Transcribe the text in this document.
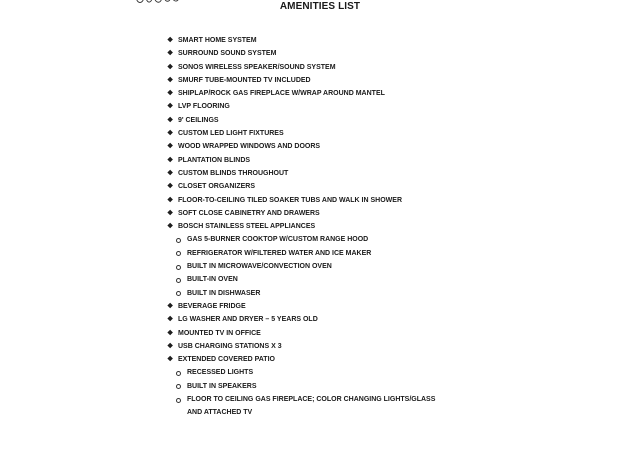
AMENITIES LIST
❖ SMART HOME SYSTEM
❖ SURROUND SOUND SYSTEM
❖ SONOS WIRELESS SPEAKER/SOUND SYSTEM
❖ SMURF TUBE-MOUNTED TV INCLUDED
❖ SHIPLAP/ROCK GAS FIREPLACE W/WRAP AROUND MANTEL
❖ LVP FLOORING
❖ 9' CEILINGS
❖ CUSTOM LED LIGHT FIXTURES
❖ WOOD WRAPPED WINDOWS AND DOORS
❖ PLANTATION BLINDS
❖ CUSTOM BLINDS THROUGHOUT
❖ CLOSET ORGANIZERS
❖ FLOOR-TO-CEILING TILED SOAKER TUBS AND WALK IN SHOWER
❖ SOFT CLOSE CABINETRY AND DRAWERS
❖ BOSCH STAINLESS STEEL APPLIANCES
GAS 5-BURNER COOKTOP W/CUSTOM RANGE HOOD
REFRIGERATOR W/FILTERED WATER AND ICE MAKER
BUILT IN MICROWAVE/CONVECTION OVEN
BUILT-IN OVEN
BUILT IN DISHWASER
❖ BEVERAGE FRIDGE
❖ LG WASHER AND DRYER – 5 YEARS OLD
❖ MOUNTED TV IN OFFICE
❖ USB CHARGING STATIONS X 3
❖ EXTENDED COVERED PATIO
RECESSED LIGHTS
BUILT IN SPEAKERS
FLOOR TO CEILING GAS FIREPLACE; COLOR CHANGING LIGHTS/GLASS AND ATTACHED TV
